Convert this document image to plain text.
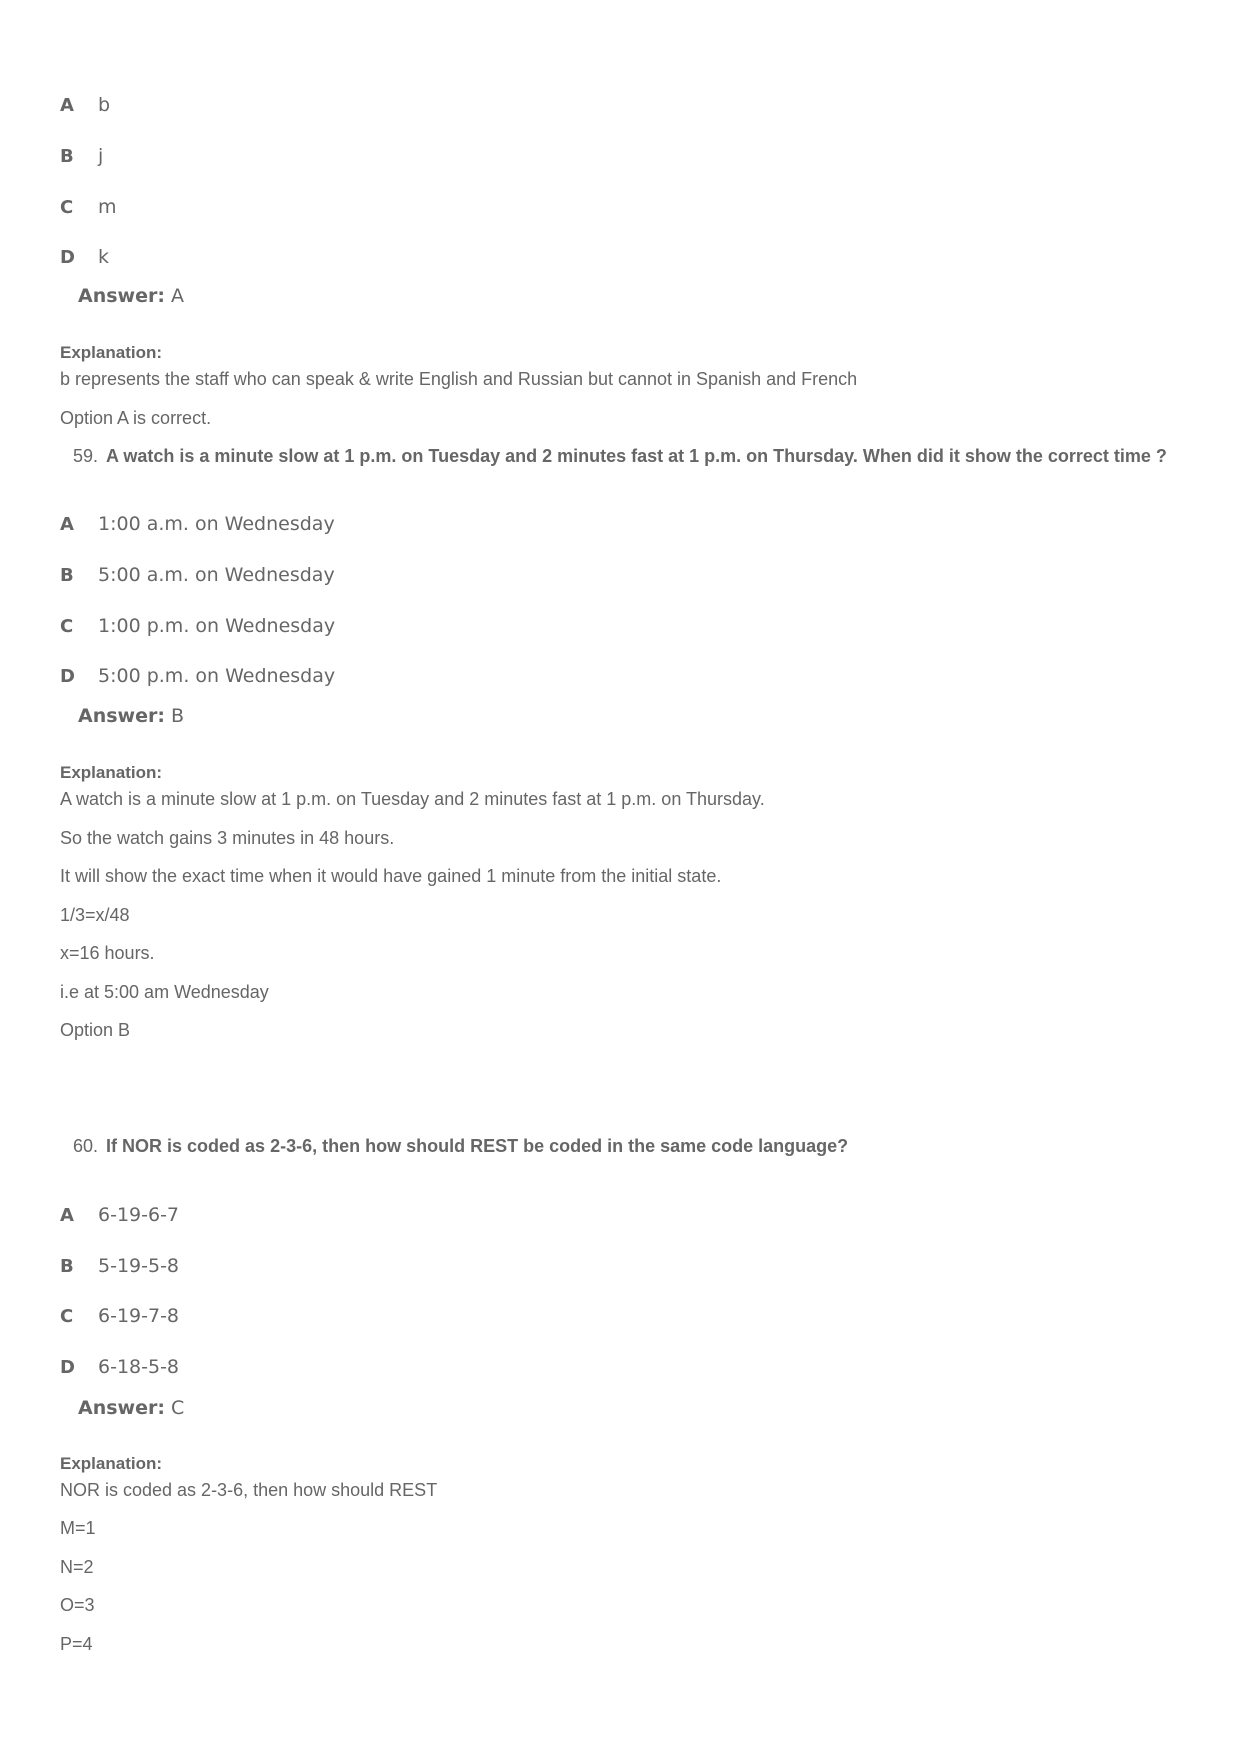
A	b
B	j
C	m
D	k
Answer: A
Explanation:
b represents the staff who can speak & write English and Russian but cannot in Spanish and French
Option A is correct.
59. A watch is a minute slow at 1 p.m. on Tuesday and 2 minutes fast at 1 p.m. on Thursday. When did it show the correct time ?
A	1:00 a.m. on Wednesday
B	5:00 a.m. on Wednesday
C	1:00 p.m. on Wednesday
D	5:00 p.m. on Wednesday
Answer: B
Explanation:
A watch is a minute slow at 1 p.m. on Tuesday and 2 minutes fast at 1 p.m. on Thursday.
So the watch gains 3 minutes in 48 hours.
It will show the exact time when it would have gained 1 minute from the initial state.
1/3=x/48
x=16 hours.
i.e at 5:00 am Wednesday
Option B
60. If NOR is coded as 2-3-6, then how should REST be coded in the same code language?
A	6-19-6-7
B	5-19-5-8
C	6-19-7-8
D	6-18-5-8
Answer: C
Explanation:
NOR is coded as 2-3-6, then how should REST
M=1
N=2
O=3
P=4
